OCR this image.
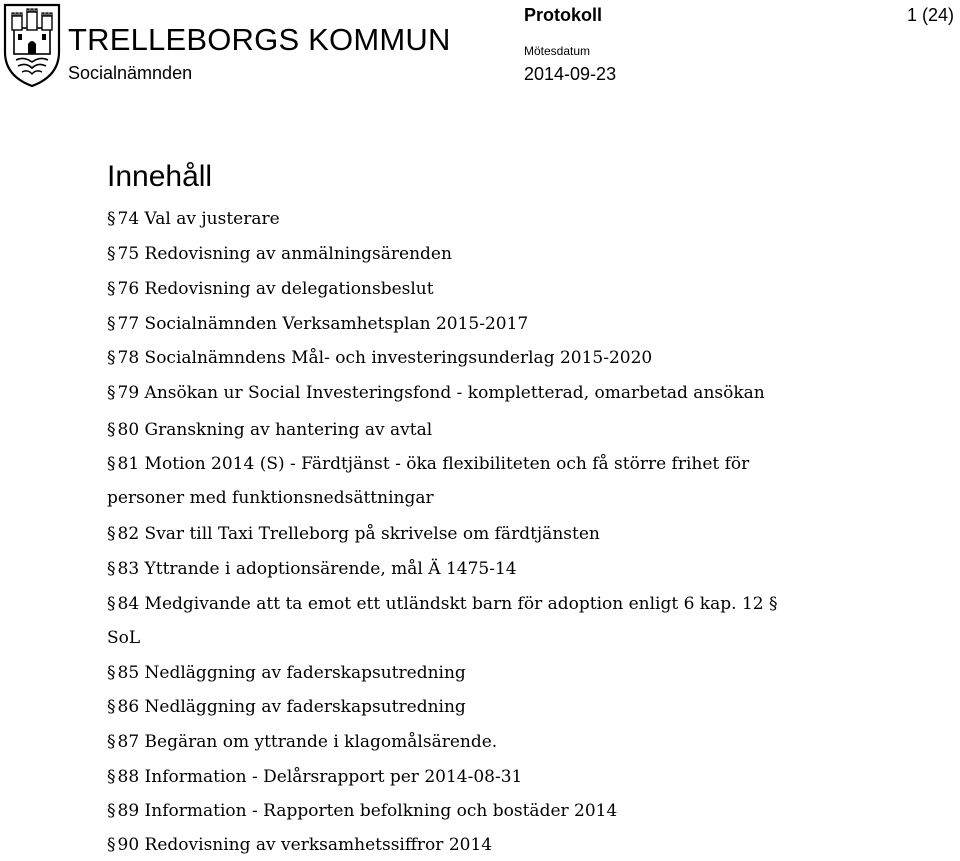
TRELLEBORGS KOMMUN
Socialnämnden
Protokoll
Mötesdatum
2014-09-23
1 (24)
Innehåll
§ 74 Val av justerare
§ 75 Redovisning av anmälningsärenden
§ 76 Redovisning av delegationsbeslut
§ 77 Socialnämnden Verksamhetsplan 2015-2017
§ 78 Socialnämndens Mål- och investeringsunderlag 2015-2020
§ 79 Ansökan ur Social Investeringsfond - kompletterad, omarbetad ansökan
§ 80 Granskning av hantering av avtal
§ 81 Motion 2014 (S) - Färdtjänst - öka flexibiliteten och få större frihet för
personer med funktionsnedsättningar
§ 82 Svar till Taxi Trelleborg på skrivelse om färdtjänsten
§ 83 Yttrande i adoptionsärende, mål Ä 1475-14
§ 84 Medgivande att ta emot ett utländskt barn för adoption enligt 6 kap. 12 §
SoL
§ 85 Nedläggning av faderskapsutredning
§ 86 Nedläggning av faderskapsutredning
§ 87 Begäran om yttrande i klagomålsärende.
§ 88 Information - Delårsrapport per 2014-08-31
§ 89 Information - Rapporten befolkning och bostäder 2014
§ 90 Redovisning av verksamhetssiffror 2014
